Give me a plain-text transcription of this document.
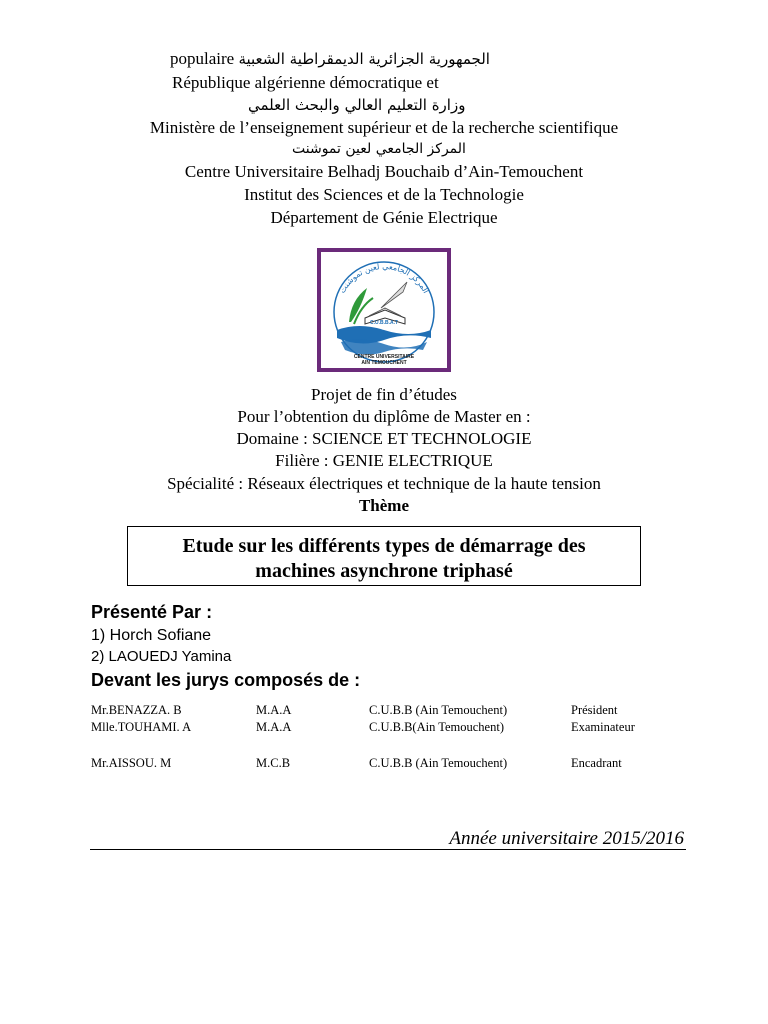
populaire الجمهورية الجزائرية الديمقراطية الشعبية
République algérienne démocratique et
وزارة التعليم العالي والبحث العلمي
Ministère de l’enseignement supérieur et de la recherche scientifique
المركز الجامعي لعين تموشنت
Centre Universitaire Belhadj Bouchaib d’Ain-Temouchent
Institut des Sciences et de la Technologie
Département de Génie Electrique
المركز الجامعي لعين تموشنت
C.U.B.B.A.T
CENTRE UNIVERSITAIRE
AIN TEMOUCHENT
Projet de fin d’études
Pour l’obtention du diplôme de Master en :
Domaine : SCIENCE ET TECHNOLOGIE
Filière : GENIE ELECTRIQUE
Spécialité : Réseaux électriques et technique de la haute tension
Thème
Etude sur les différents types de démarrage des
machines asynchrone triphasé
Présenté Par :
1) Horch Sofiane
2) LAOUEDJ Yamina
Devant les jurys composés de :
Mr.BENAZZA. B	M.A.A	C.U.B.B (Ain Temouchent)	Président
Mlle.TOUHAMI. A	M.A.A	C.U.B.B(Ain Temouchent)	Examinateur
Mr.AISSOU. M	M.C.B	C.U.B.B (Ain Temouchent)	Encadrant
Année universitaire 2015/2016
